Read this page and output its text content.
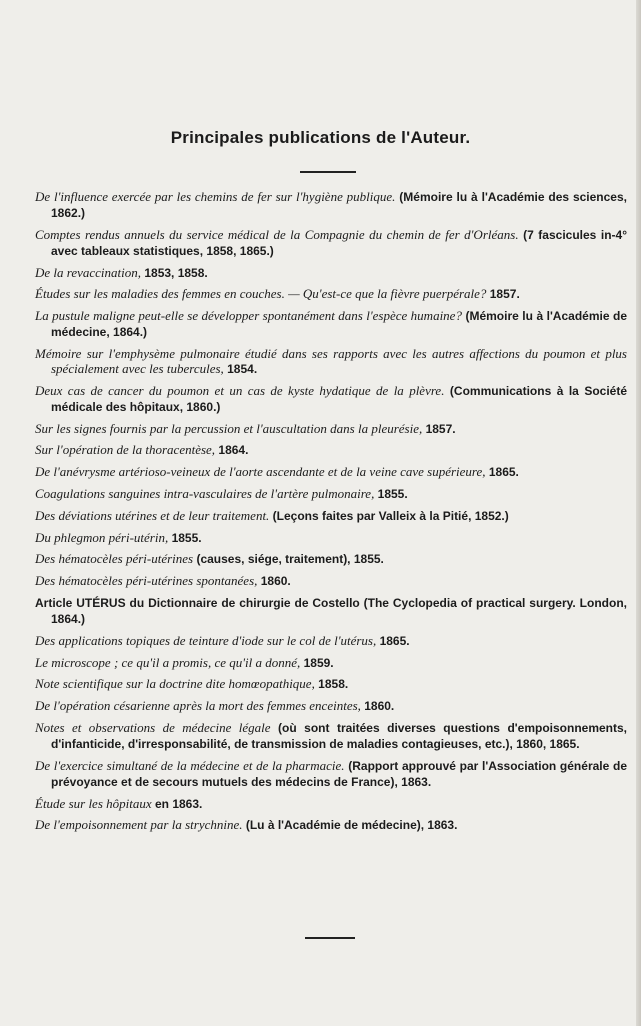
Principales publications de l'Auteur.
De l'influence exercée par les chemins de fer sur l'hygiène publique. (Mémoire lu à l'Académie des sciences, 1862.)
Comptes rendus annuels du service médical de la Compagnie du chemin de fer d'Orléans. (7 fascicules in-4° avec tableaux statistiques, 1858, 1865.)
De la revaccination, 1853, 1858.
Études sur les maladies des femmes en couches. — Qu'est-ce que la fièvre puerpérale? 1857.
La pustule maligne peut-elle se développer spontanément dans l'espèce humaine? (Mémoire lu à l'Académie de médecine, 1864.)
Mémoire sur l'emphysème pulmonaire étudié dans ses rapports avec les autres affections du poumon et plus spécialement avec les tubercules, 1854.
Deux cas de cancer du poumon et un cas de kyste hydatique de la plèvre. (Communications à la Société médicale des hôpitaux, 1860.)
Sur les signes fournis par la percussion et l'auscultation dans la pleurésie, 1857.
Sur l'opération de la thoracentèse, 1864.
De l'anévrysme artérioso-veineux de l'aorte ascendante et de la veine cave supérieure, 1865.
Coagulations sanguines intra-vasculaires de l'artère pulmonaire, 1855.
Des déviations utérines et de leur traitement. (Leçons faites par Valleix à la Pitié, 1852.)
Du phlegmon péri-utérin, 1855.
Des hématocèles péri-utérines (causes, siége, traitement), 1855.
Des hématocèles péri-utérines spontanées, 1860.
Article UTÉRUS du Dictionnaire de chirurgie de Costello (The Cyclopedia of practical surgery. London, 1864.)
Des applications topiques de teinture d'iode sur le col de l'utérus, 1865.
Le microscope ; ce qu'il a promis, ce qu'il a donné, 1859.
Note scientifique sur la doctrine dite homœopathique, 1858.
De l'opération césarienne après la mort des femmes enceintes, 1860.
Notes et observations de médecine légale (où sont traitées diverses questions d'empoisonnements, d'infanticide, d'irresponsabilité, de transmission de maladies contagieuses, etc.), 1860, 1865.
De l'exercice simultané de la médecine et de la pharmacie. (Rapport approuvé par l'Association générale de prévoyance et de secours mutuels des médecins de France), 1863.
Étude sur les hôpitaux en 1863.
De l'empoisonnement par la strychnine. (Lu à l'Académie de médecine), 1863.
